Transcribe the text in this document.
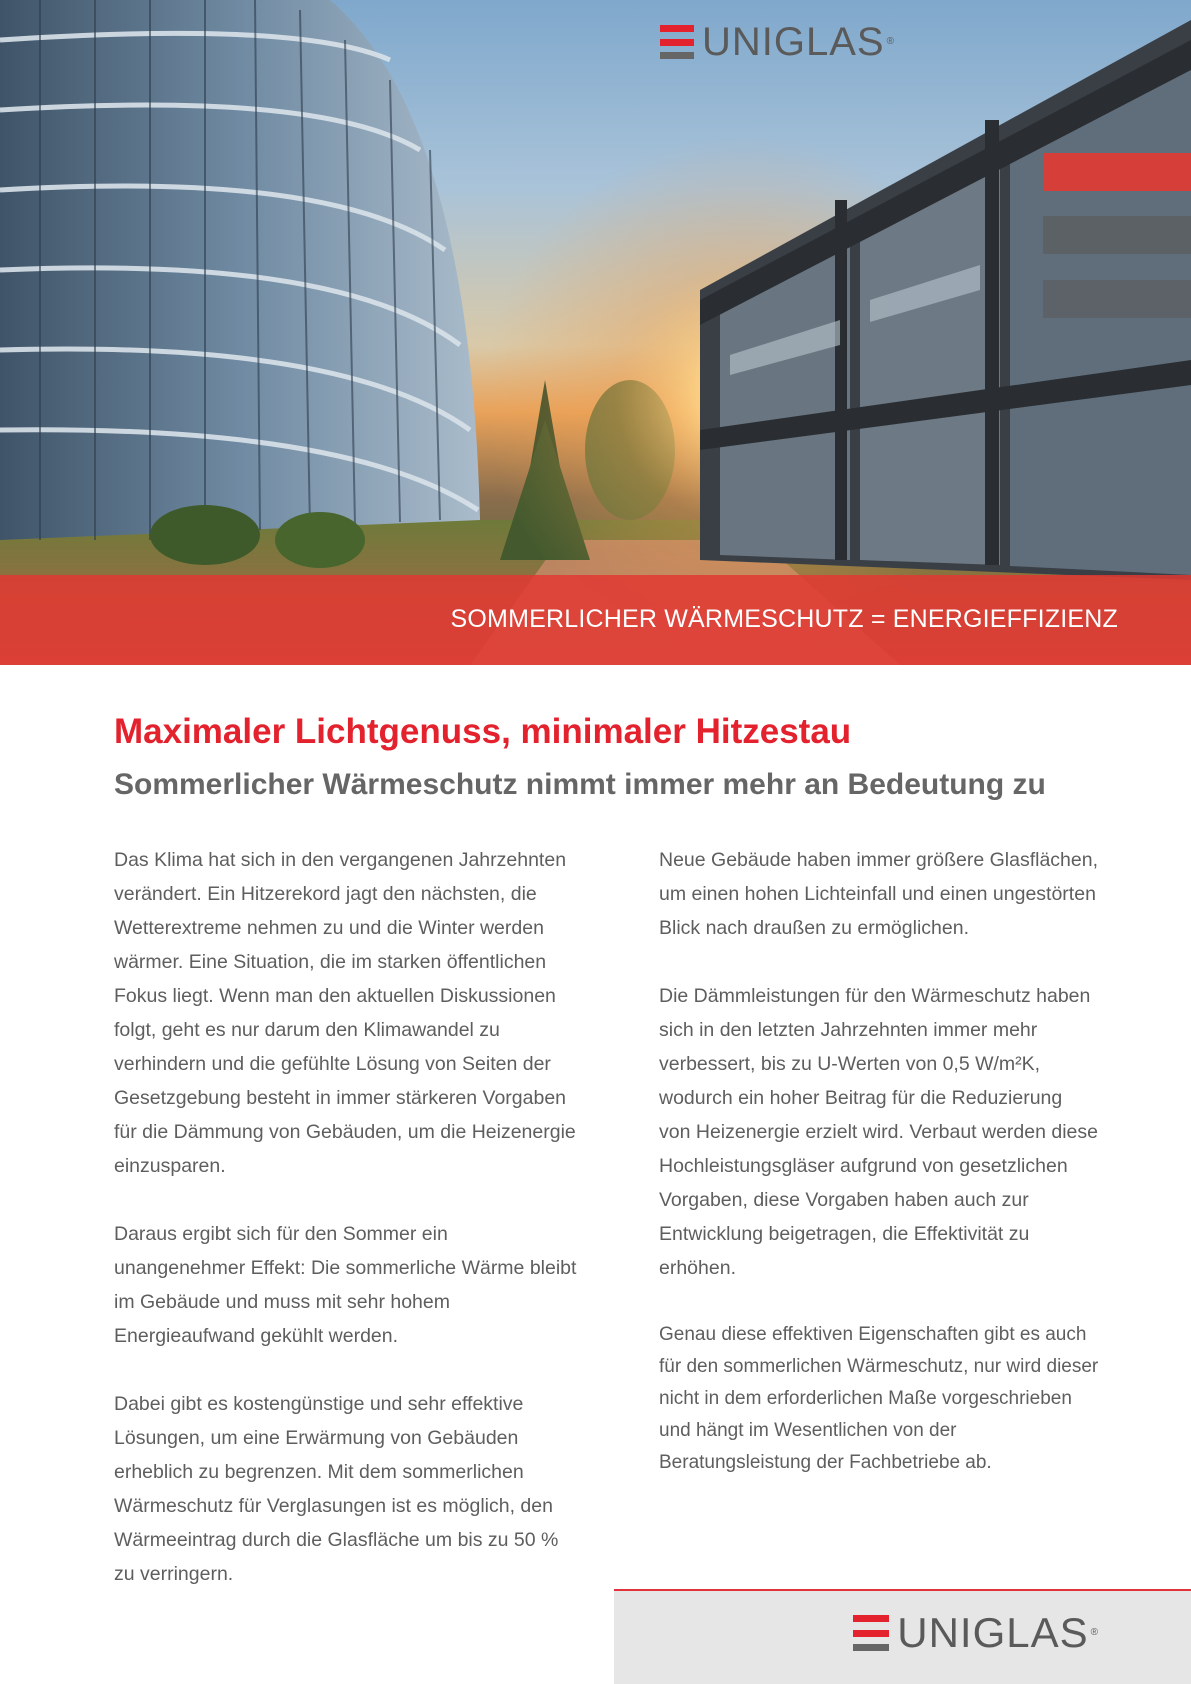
UNIGLAS ®
SOMMERLICHER WÄRMESCHUTZ = ENERGIEFFIZIENZ
Maximaler Lichtgenuss, minimaler Hitzestau
Sommerlicher Wärmeschutz nimmt immer mehr an Bedeutung zu

Das Klima hat sich in den vergangenen Jahrzehnten verändert. Ein Hitzerekord jagt den nächsten, die Wetterextreme nehmen zu und die Winter werden wärmer. Eine Situation, die im starken öffentlichen Fokus liegt. Wenn man den aktuellen Diskussionen folgt, geht es nur darum den Klimawandel zu verhindern und die gefühlte Lösung von Seiten der Gesetzgebung besteht in immer stärkeren Vorgaben für die Dämmung von Gebäuden, um die Heizenergie einzusparen.

Daraus ergibt sich für den Sommer ein unangenehmer Effekt: Die sommerliche Wärme bleibt im Gebäude und muss mit sehr hohem Energieaufwand gekühlt werden.

Dabei gibt es kostengünstige und sehr effektive Lösungen, um eine Erwärmung von Gebäuden erheblich zu begrenzen. Mit dem sommerlichen Wärmeschutz für Verglasungen ist es möglich, den Wärmeeintrag durch die Glasfläche um bis zu 50 % zu verringern.

Neue Gebäude haben immer größere Glasflächen, um einen hohen Lichteinfall und einen ungestörten Blick nach draußen zu ermöglichen.

Die Dämmleistungen für den Wärmeschutz haben sich in den letzten Jahrzehnten immer mehr verbessert, bis zu U-Werten von 0,5 W/m²K, wodurch ein hoher Beitrag für die Reduzierung von Heizenergie erzielt wird. Verbaut werden diese Hochleistungsgläser aufgrund von gesetzlichen Vorgaben, diese Vorgaben haben auch zur Entwicklung beigetragen, die Effektivität zu erhöhen.

Genau diese effektiven Eigenschaften gibt es auch für den sommerlichen Wärmeschutz, nur wird dieser nicht in dem erforderlichen Maße vorgeschrieben und hängt im Wesentlichen von der Beratungsleistung der Fachbetriebe ab.

UNIGLAS ®
